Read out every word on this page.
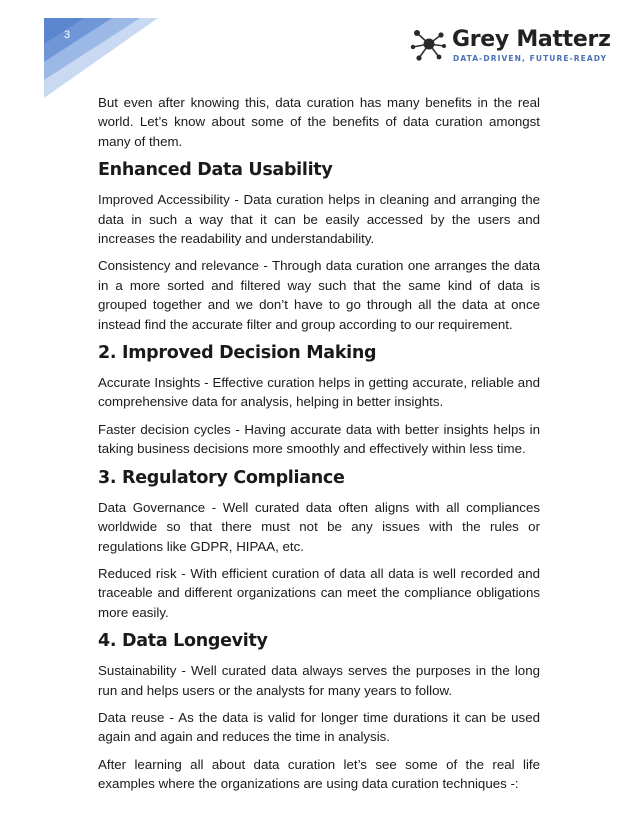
3	Grey Matterz
DATA-DRIVEN, FUTURE-READY

But even after knowing this, data curation has many benefits in the real world. Let’s know about some of the benefits of data curation amongst many of them.

Enhanced Data Usability

Improved Accessibility - Data curation helps in cleaning and arranging the data in such a way that it can be easily accessed by the users and increases the readability and understandability.

Consistency and relevance - Through data curation one arranges the data in a more sorted and filtered way such that the same kind of data is grouped together and we don’t have to go through all the data at once instead find the accurate filter and group according to our requirement.

2. Improved Decision Making

Accurate Insights - Effective curation helps in getting accurate, reliable and comprehensive data for analysis, helping in better insights.

Faster decision cycles - Having accurate data with better insights helps in taking business decisions more smoothly and effectively within less time.

3. Regulatory Compliance

Data Governance - Well curated data often aligns with all compliances worldwide so that there must not be any issues with the rules or regulations like GDPR, HIPAA, etc.

Reduced risk - With efficient curation of data all data is well recorded and traceable and different organizations can meet the compliance obligations more easily.

4. Data Longevity

Sustainability - Well curated data always serves the purposes in the long run and helps users or the analysts for many years to follow.

Data reuse - As the data is valid for longer time durations it can be used again and again and reduces the time in analysis.

After learning all about data curation let’s see some of the real life examples where the organizations are using data curation techniques -:
